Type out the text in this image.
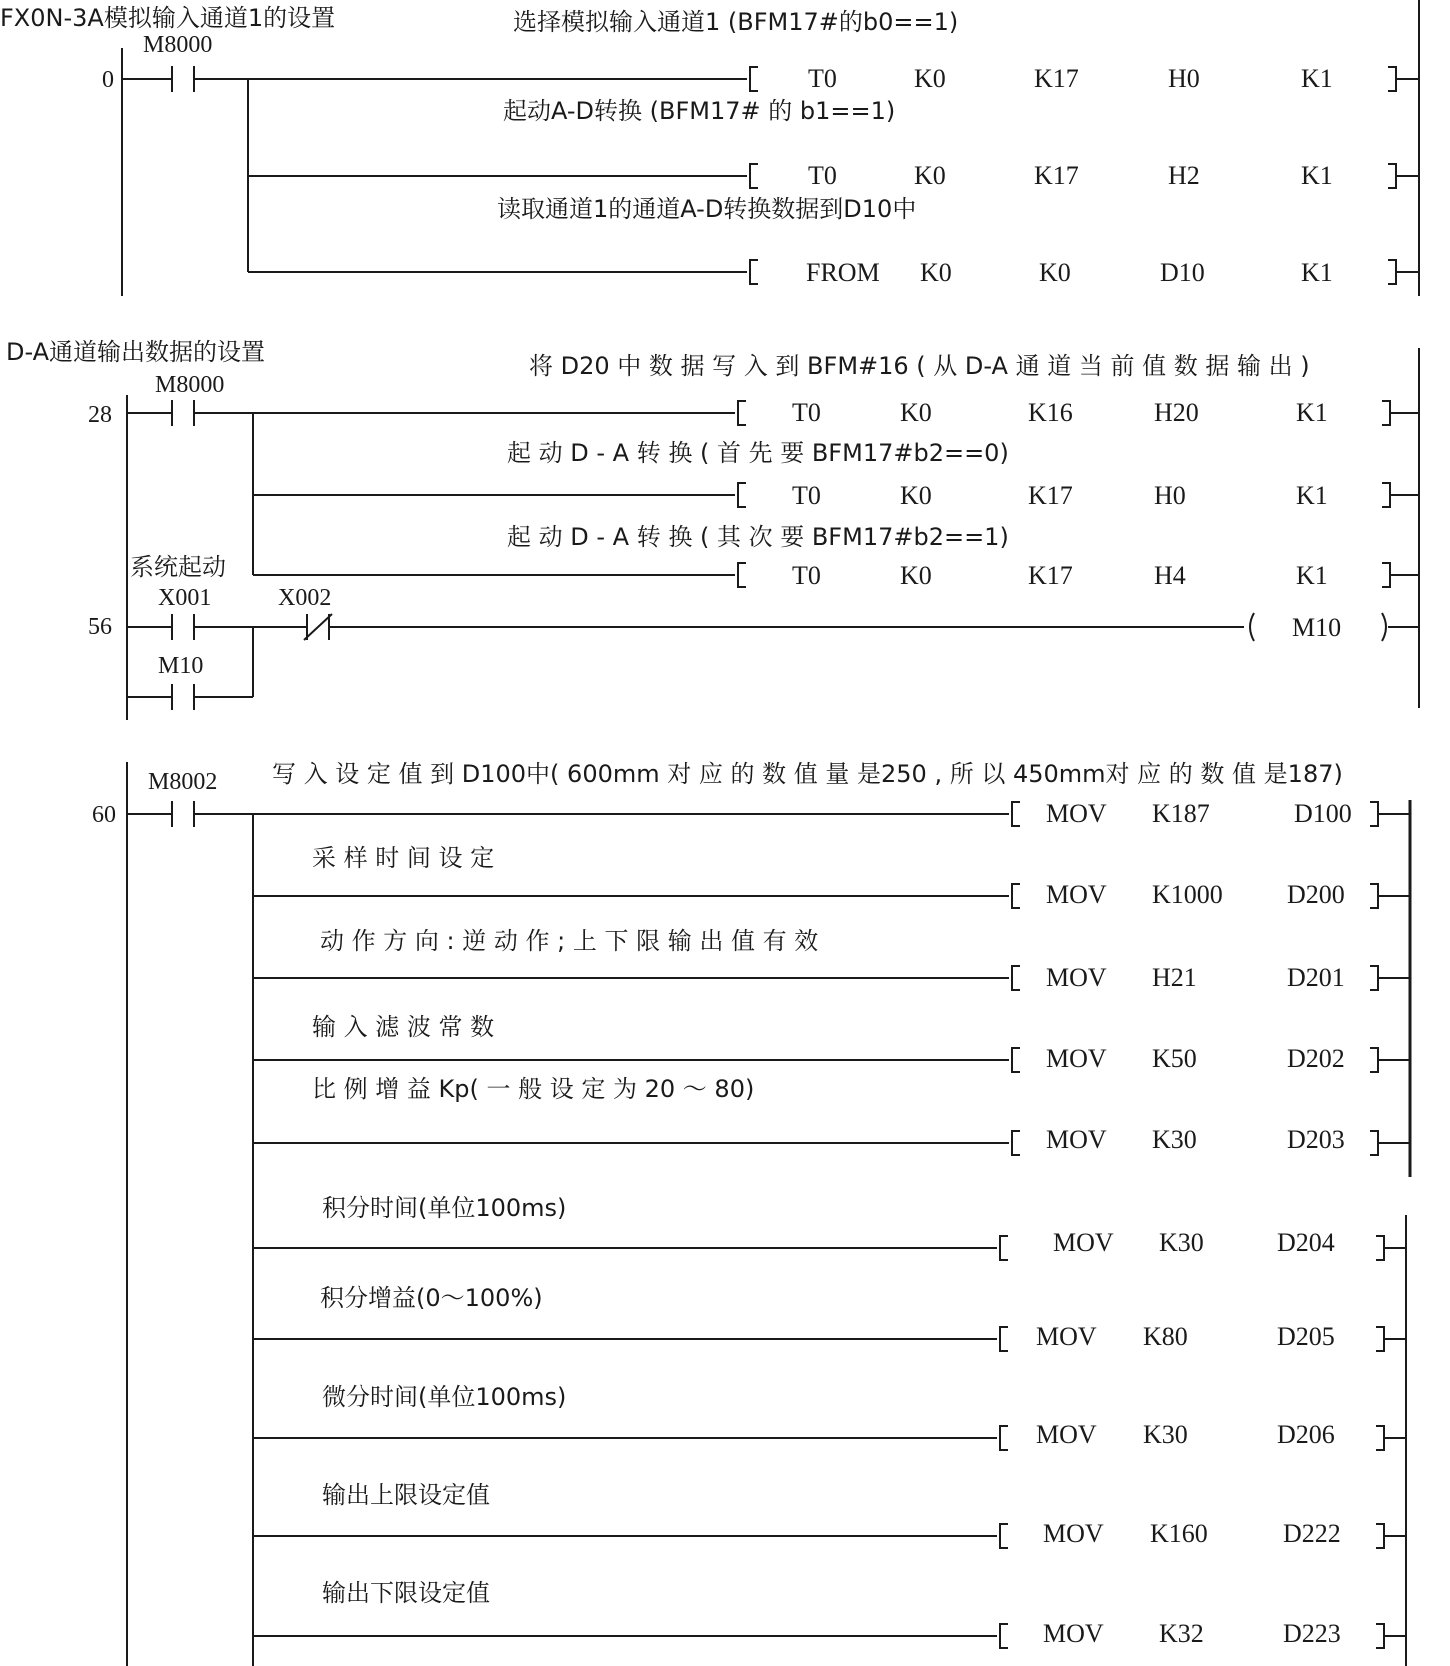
FX0N-3A模拟输入通道1的设置
M8000
0
选择模拟输入通道1 (BFM17#的b0==1)
T0	K0	K17	H0	K1
起动A-D转换 (BFM17# 的 b1==1)
T0	K0	K17	H2	K1
读取通道1的通道A-D转换数据到D10中
FROM K0	K0	D10	K1
D-A通道输出数据的设置
M8000
28
将 D20 中 数 据 写 入 到 BFM#16 ( 从 D-A 通 道 当 前 值 数 据 输 出 )
T0	K0	K16	H20	K1
起 动 D - A 转 换 ( 首 先 要 BFM17#b2==0)
T0	K0	K17	H0	K1
起 动 D - A 转 换 ( 其 次 要 BFM17#b2==1)
T0	K0	K17	H4	K1
系统起动
X001	X002
56	M10
M10
M8002
60
写 入 设 定 值 到 D100中( 600mm 对 应 的 数 值 量 是250 , 所 以 450mm对 应 的 数 值 是187)
MOV K187	D100
采 样 时 间 设 定
MOV K1000 D200
动 作 方 向 : 逆 动 作 ; 上 下 限 输 出 值 有 效
MOV H21	D201
输 入 滤 波 常 数
MOV K50	D202
比 例 增 益 Kp( 一 般 设 定 为 20 ～ 80)
MOV K30	D203
积分时间(单位100ms)
MOV K30	D204
积分增益(0～100%)
MOV K80	D205
微分时间(单位100ms)
MOV K30	D206
输出上限设定值
MOV K160	D222
输出下限设定值
MOV K32	D223
